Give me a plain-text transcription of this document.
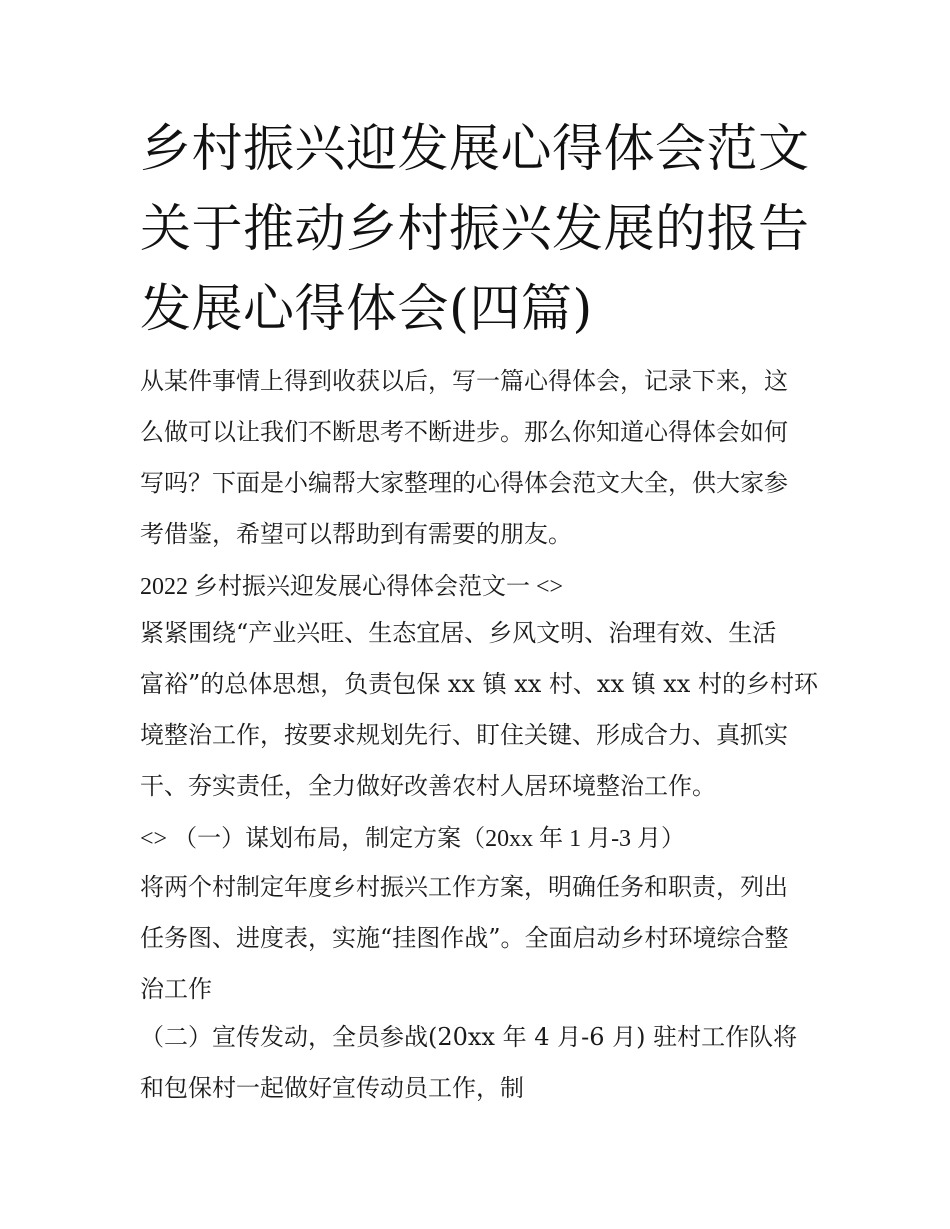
乡村振兴迎发展心得体会范文
关于推动乡村振兴发展的报告
发展心得体会(四篇)

从某件事情上得到收获以后，写一篇心得体会，记录下来，这
么做可以让我们不断思考不断进步。那么你知道心得体会如何
写吗？下面是小编帮大家整理的心得体会范文大全，供大家参
考借鉴，希望可以帮助到有需要的朋友。

2022 乡村振兴迎发展心得体会范文一 <>

紧紧围绕“产业兴旺、生态宜居、乡风文明、治理有效、生活
富裕”的总体思想，负责包保 xx 镇 xx 村、xx 镇 xx 村的乡村环
境整治工作，按要求规划先行、盯住关键、形成合力、真抓实
干、夯实责任，全力做好改善农村人居环境整治工作。

<> （一）谋划布局，制定方案（20xx 年 1 月-3 月）

将两个村制定年度乡村振兴工作方案，明确任务和职责，列出
任务图、进度表，实施“挂图作战”。全面启动乡村环境综合整
治工作

（二）宣传发动，全员参战(20xx 年 4 月-6 月) 驻村工作队将
和包保村一起做好宣传动员工作，制
